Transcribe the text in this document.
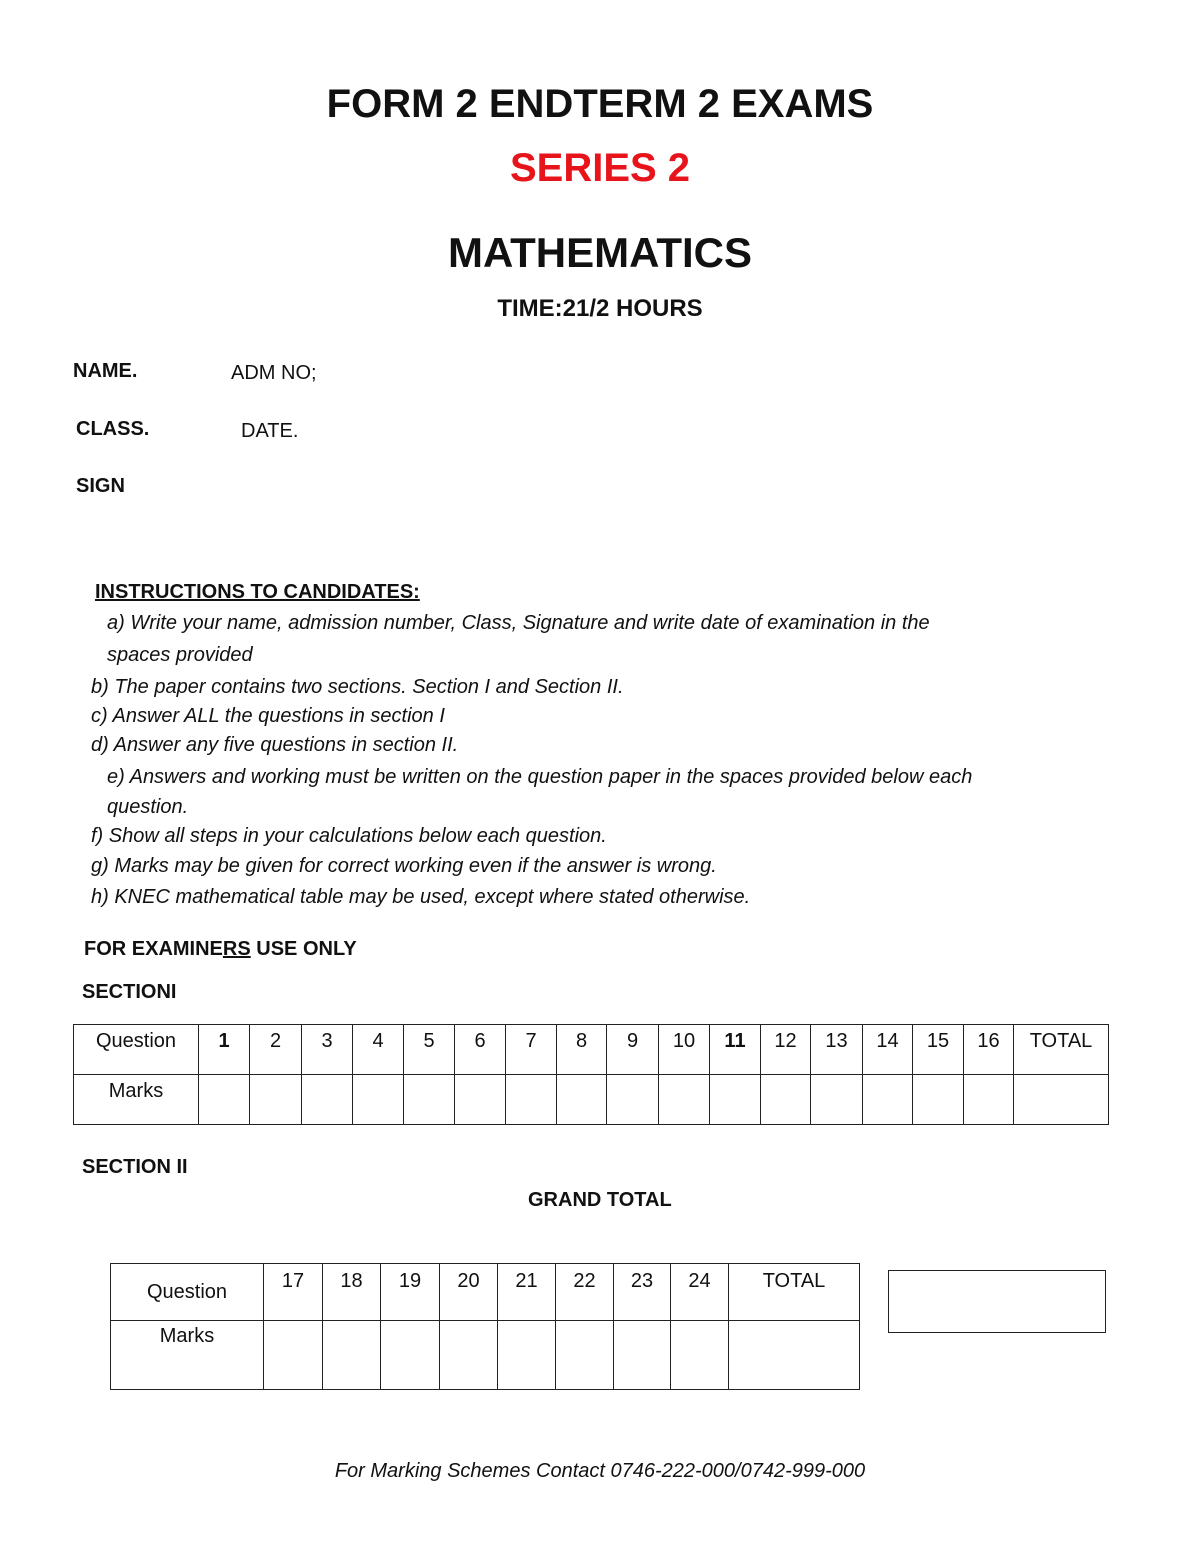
FORM 2 ENDTERM 2 EXAMS
SERIES 2
MATHEMATICS
TIME:21/2 HOURS
NAME.	ADM NO;
CLASS.	DATE.
SIGN
INSTRUCTIONS TO CANDIDATES:
a) Write your name, admission number, Class, Signature and write date of examination in the
spaces provided
b) The paper contains two sections. Section I and Section II.
c) Answer ALL the questions in section I
d) Answer any five questions in section II.
e) Answers and working must be written on the question paper in the spaces provided below each
question.
f) Show all steps in your calculations below each question.
g) Marks may be given for correct working even if the answer is wrong.
h) KNEC mathematical table may be used, except where stated otherwise.
FOR EXAMINERS USE ONLY
SECTIONI
Question	1	2	3	4	5	6	7	8	9	10	11	12	13	14	15	16	TOTAL
Marks																	
SECTION II
GRAND TOTAL
Question	17	18	19	20	21	22	23	24	TOTAL
Marks									
For Marking Schemes Contact 0746-222-000/0742-999-000
